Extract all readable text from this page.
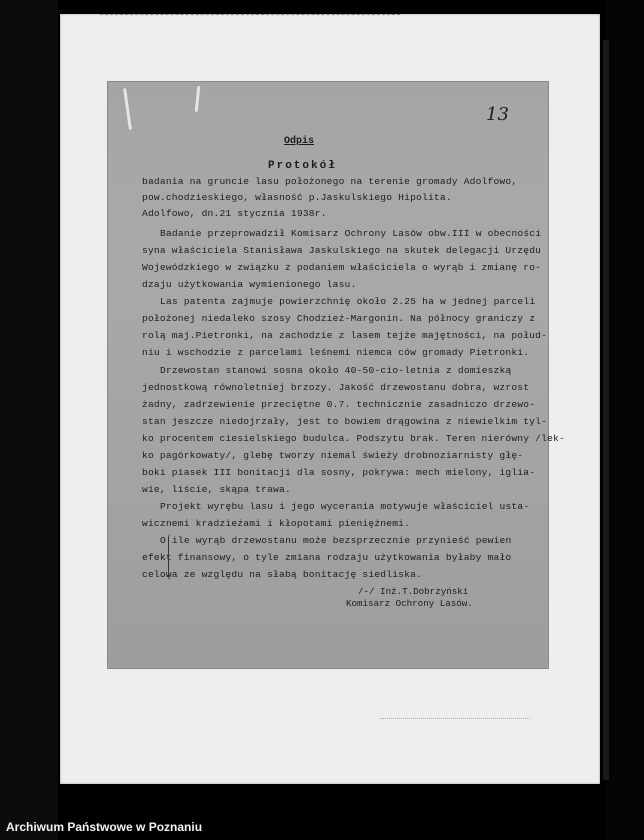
13
Odpis
Protokół
badania na gruncie lasu położonego na terenie gromady Adolfowo,
pow.chodzieskiego, własność p.Jaskulskiego Hipolita.
Adolfowo, dn.21 stycznia 1938r.
Badanie przeprowadził Komisarz Ochrony Lasów obw.III w obecności
syna właściciela Stanisława Jaskulskiego na skutek delegacji Urzędu
Wojewódzkiego w związku z podaniem właściciela o wyrąb i zmianę ro-
dzaju użytkowania wymienionego lasu.
Las patenta zajmuje powierzchnię około 2.25 ha w jednej parceli
położonej niedaleko szosy Chodzież-Margonin. Na północy graniczy z
rolą maj.Pietronki, na zachodzie z lasem tejże majętności, na połud-
niu i wschodzie z parcelami leśnemi niemca ców gromady Pietronki.
Drzewostan stanowi sosna około 40-50-cio-letnia z domieszką
jednostkową równoletniej brzozy. Jakość drzewostanu dobra, wzrost
żadny, zadrzewienie przeciętne 0.7. technicznie zasadniczo drzewo-
stan jeszcze niedojrzały, jest to bowiem drągowina z niewielkim tyl-
ko procentem ciesielskiego budulca. Podszytu brak. Teren nierówny /lek-
ko pagórkowaty/, glebę tworzy niemal świeży drobnoziarnisty głę-
boki piasek III bonitacji dla sosny, pokrywa: mech mielony, iglia-
wie, liście, skąpa trawa.
Projekt wyrębu lasu i jego wycerania motywuje właściciel usta-
wicznemi kradzieżami i kłopotami pieniężnemi.
O ile wyrąb drzewostanu może bezsprzecznie przynieść pewien
efekt finansowy, o tyle zmiana rodzaju użytkowania byłaby mało
celowa ze względu na słabą bonitację siedliska.
/-/ Inż.T.Dobrzyński
Komisarz Ochrony Lasów.
Archiwum Państwowe w Poznaniu
